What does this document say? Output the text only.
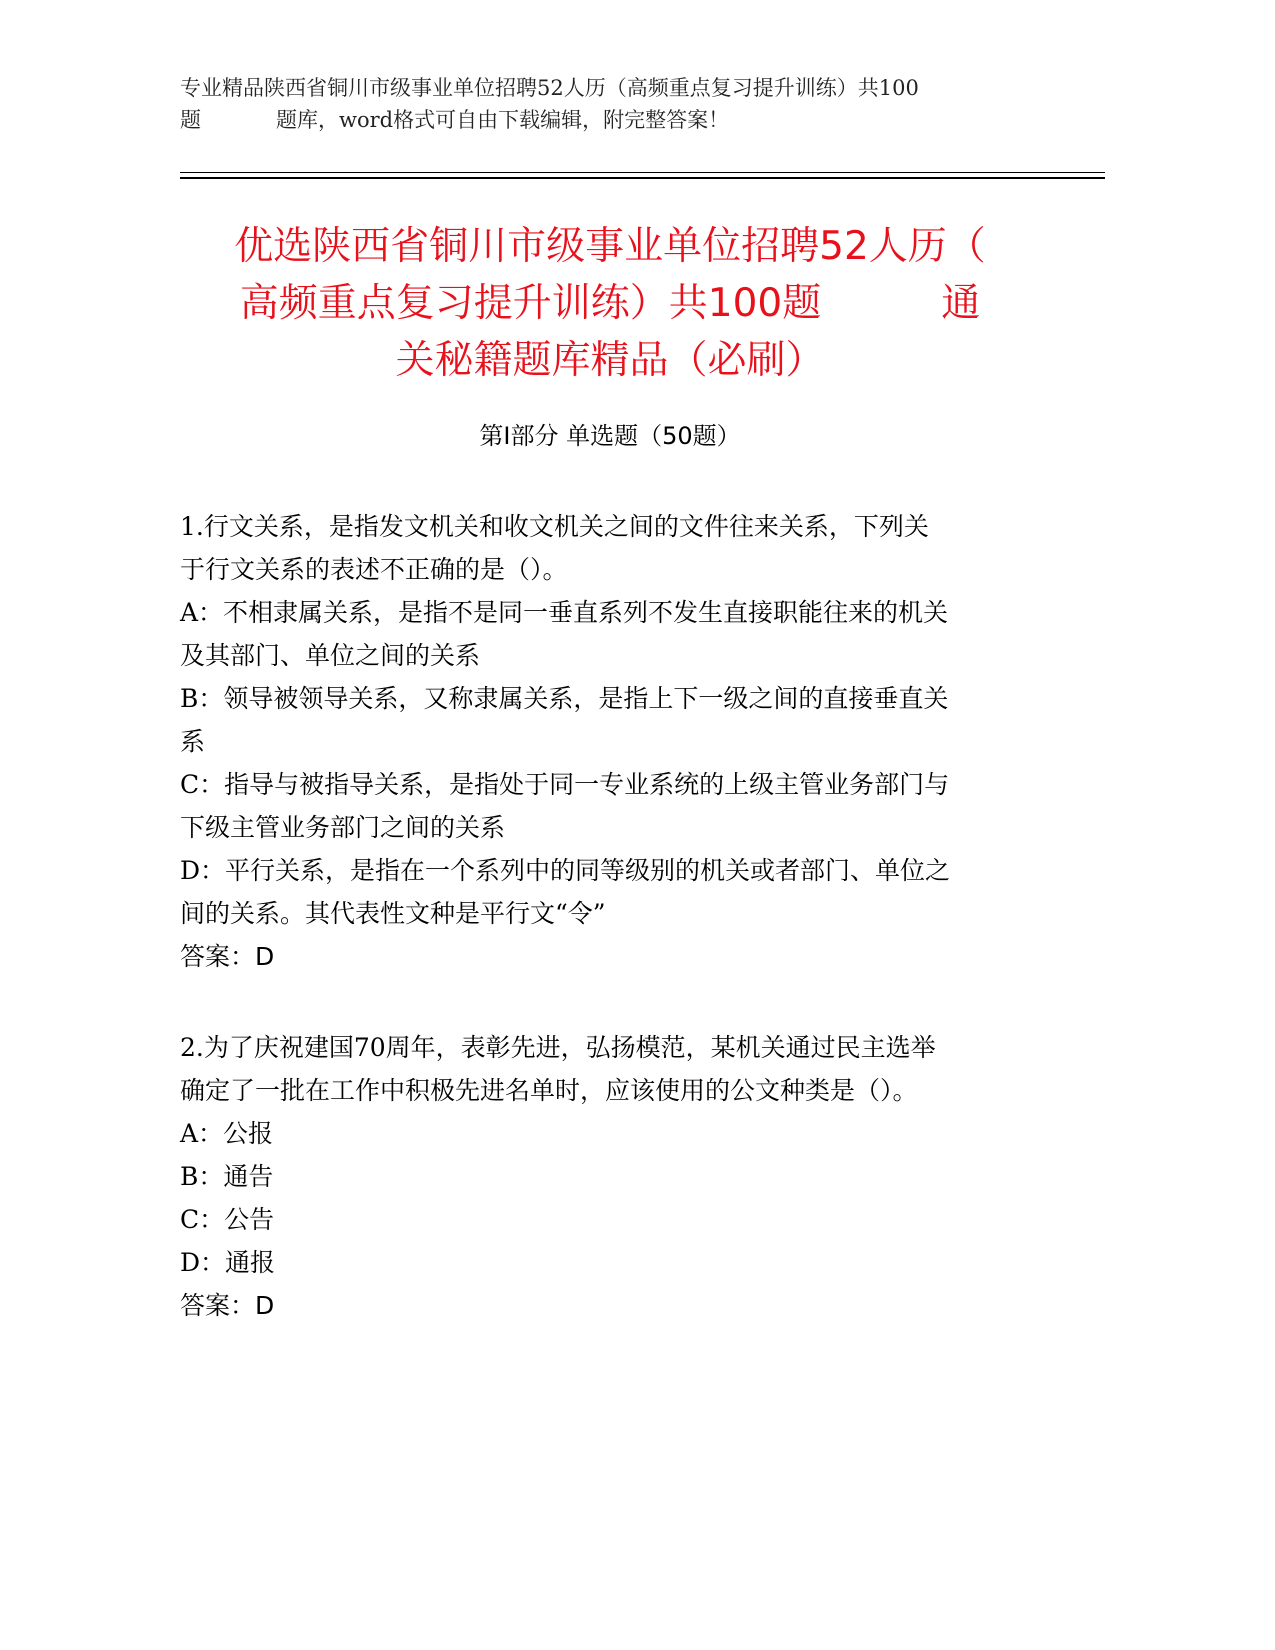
专业精品陕西省铜川市级事业单位招聘52人历（高频重点复习提升训练）共100
题	题库，word格式可自由下载编辑，附完整答案！
优选陕西省铜川市级事业单位招聘52人历（
高频重点复习提升训练）共100题	通
关秘籍题库精品（必刷）
第Ⅰ部分 单选题（50题）
1.行文关系，是指发文机关和收文机关之间的文件往来关系，下列关
于行文关系的表述不正确的是（）。
A：不相隶属关系，是指不是同一垂直系列不发生直接职能往来的机关
及其部门、单位之间的关系
B：领导被领导关系，又称隶属关系，是指上下一级之间的直接垂直关
系
C：指导与被指导关系，是指处于同一专业系统的上级主管业务部门与
下级主管业务部门之间的关系
D：平行关系，是指在一个系列中的同等级别的机关或者部门、单位之
间的关系。其代表性文种是平行文“令”
答案：D
2.为了庆祝建国70周年，表彰先进，弘扬模范，某机关通过民主选举
确定了一批在工作中积极先进名单时，应该使用的公文种类是（）。
A：公报
B：通告
C：公告
D：通报
答案：D
